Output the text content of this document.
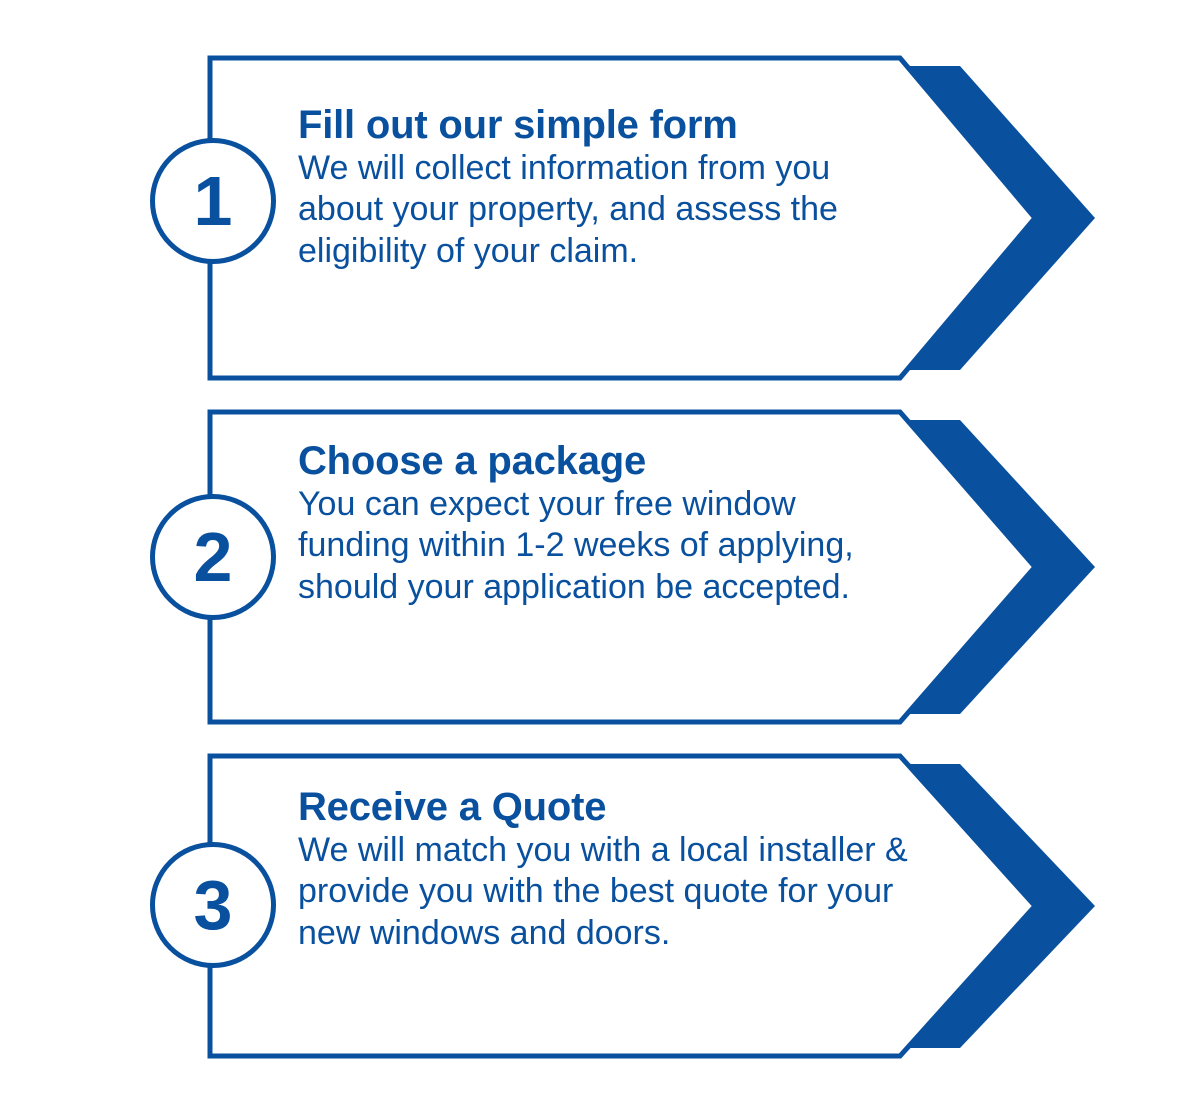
1

Fill out our simple form

We will collect information from you about your property, and assess the eligibility of your claim.

2

Choose a package

You can expect your free window funding within 1-2 weeks of applying, should your application be accepted.

3

Receive a Quote

We will match you with a local installer & provide you with the best quote for your new windows and doors.
